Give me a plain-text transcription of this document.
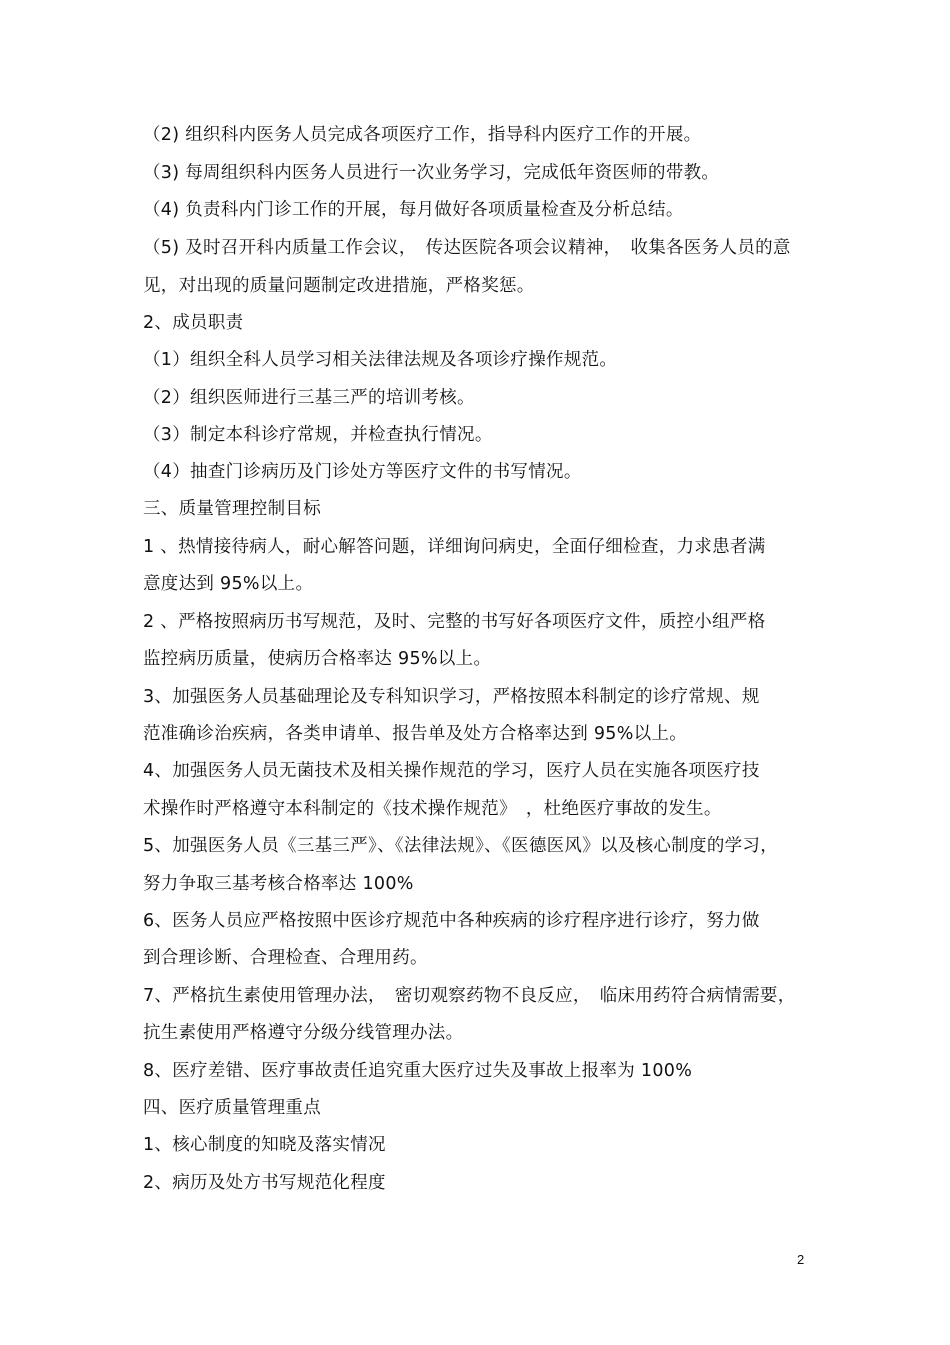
（2) 组织科内医务人员完成各项医疗工作，指导科内医疗工作的开展。
（3) 每周组织科内医务人员进行一次业务学习，完成低年资医师的带教。
（4) 负责科内门诊工作的开展，每月做好各项质量检查及分析总结。
（5) 及时召开科内质量工作会议，　传达医院各项会议精神，　收集各医务人员的意
见，对出现的质量问题制定改进措施，严格奖惩。
2、成员职责
（1）组织全科人员学习相关法律法规及各项诊疗操作规范。
（2）组织医师进行三基三严的培训考核。
（3）制定本科诊疗常规，并检查执行情况。
（4）抽查门诊病历及门诊处方等医疗文件的书写情况。
三、质量管理控制目标
1 、热情接待病人，耐心解答问题，详细询问病史，全面仔细检查，力求患者满
意度达到 95%以上。
2 、严格按照病历书写规范，及时、完整的书写好各项医疗文件，质控小组严格
监控病历质量，使病历合格率达 95%以上。
3、加强医务人员基础理论及专科知识学习，严格按照本科制定的诊疗常规、规
范准确诊治疾病，各类申请单、报告单及处方合格率达到 95%以上。
4、加强医务人员无菌技术及相关操作规范的学习，医疗人员在实施各项医疗技
术操作时严格遵守本科制定的《技术操作规范》　，杜绝医疗事故的发生。
5、加强医务人员《三基三严》、《法律法规》、《医德医风》以及核心制度的学习，
努力争取三基考核合格率达 100%
6、医务人员应严格按照中医诊疗规范中各种疾病的诊疗程序进行诊疗，努力做
到合理诊断、合理检查、合理用药。
7、严格抗生素使用管理办法，　密切观察药物不良反应，　临床用药符合病情需要，
抗生素使用严格遵守分级分线管理办法。
8、医疗差错、医疗事故责任追究重大医疗过失及事故上报率为 100%
四、医疗质量管理重点
1、核心制度的知晓及落实情况
2、病历及处方书写规范化程度
2
